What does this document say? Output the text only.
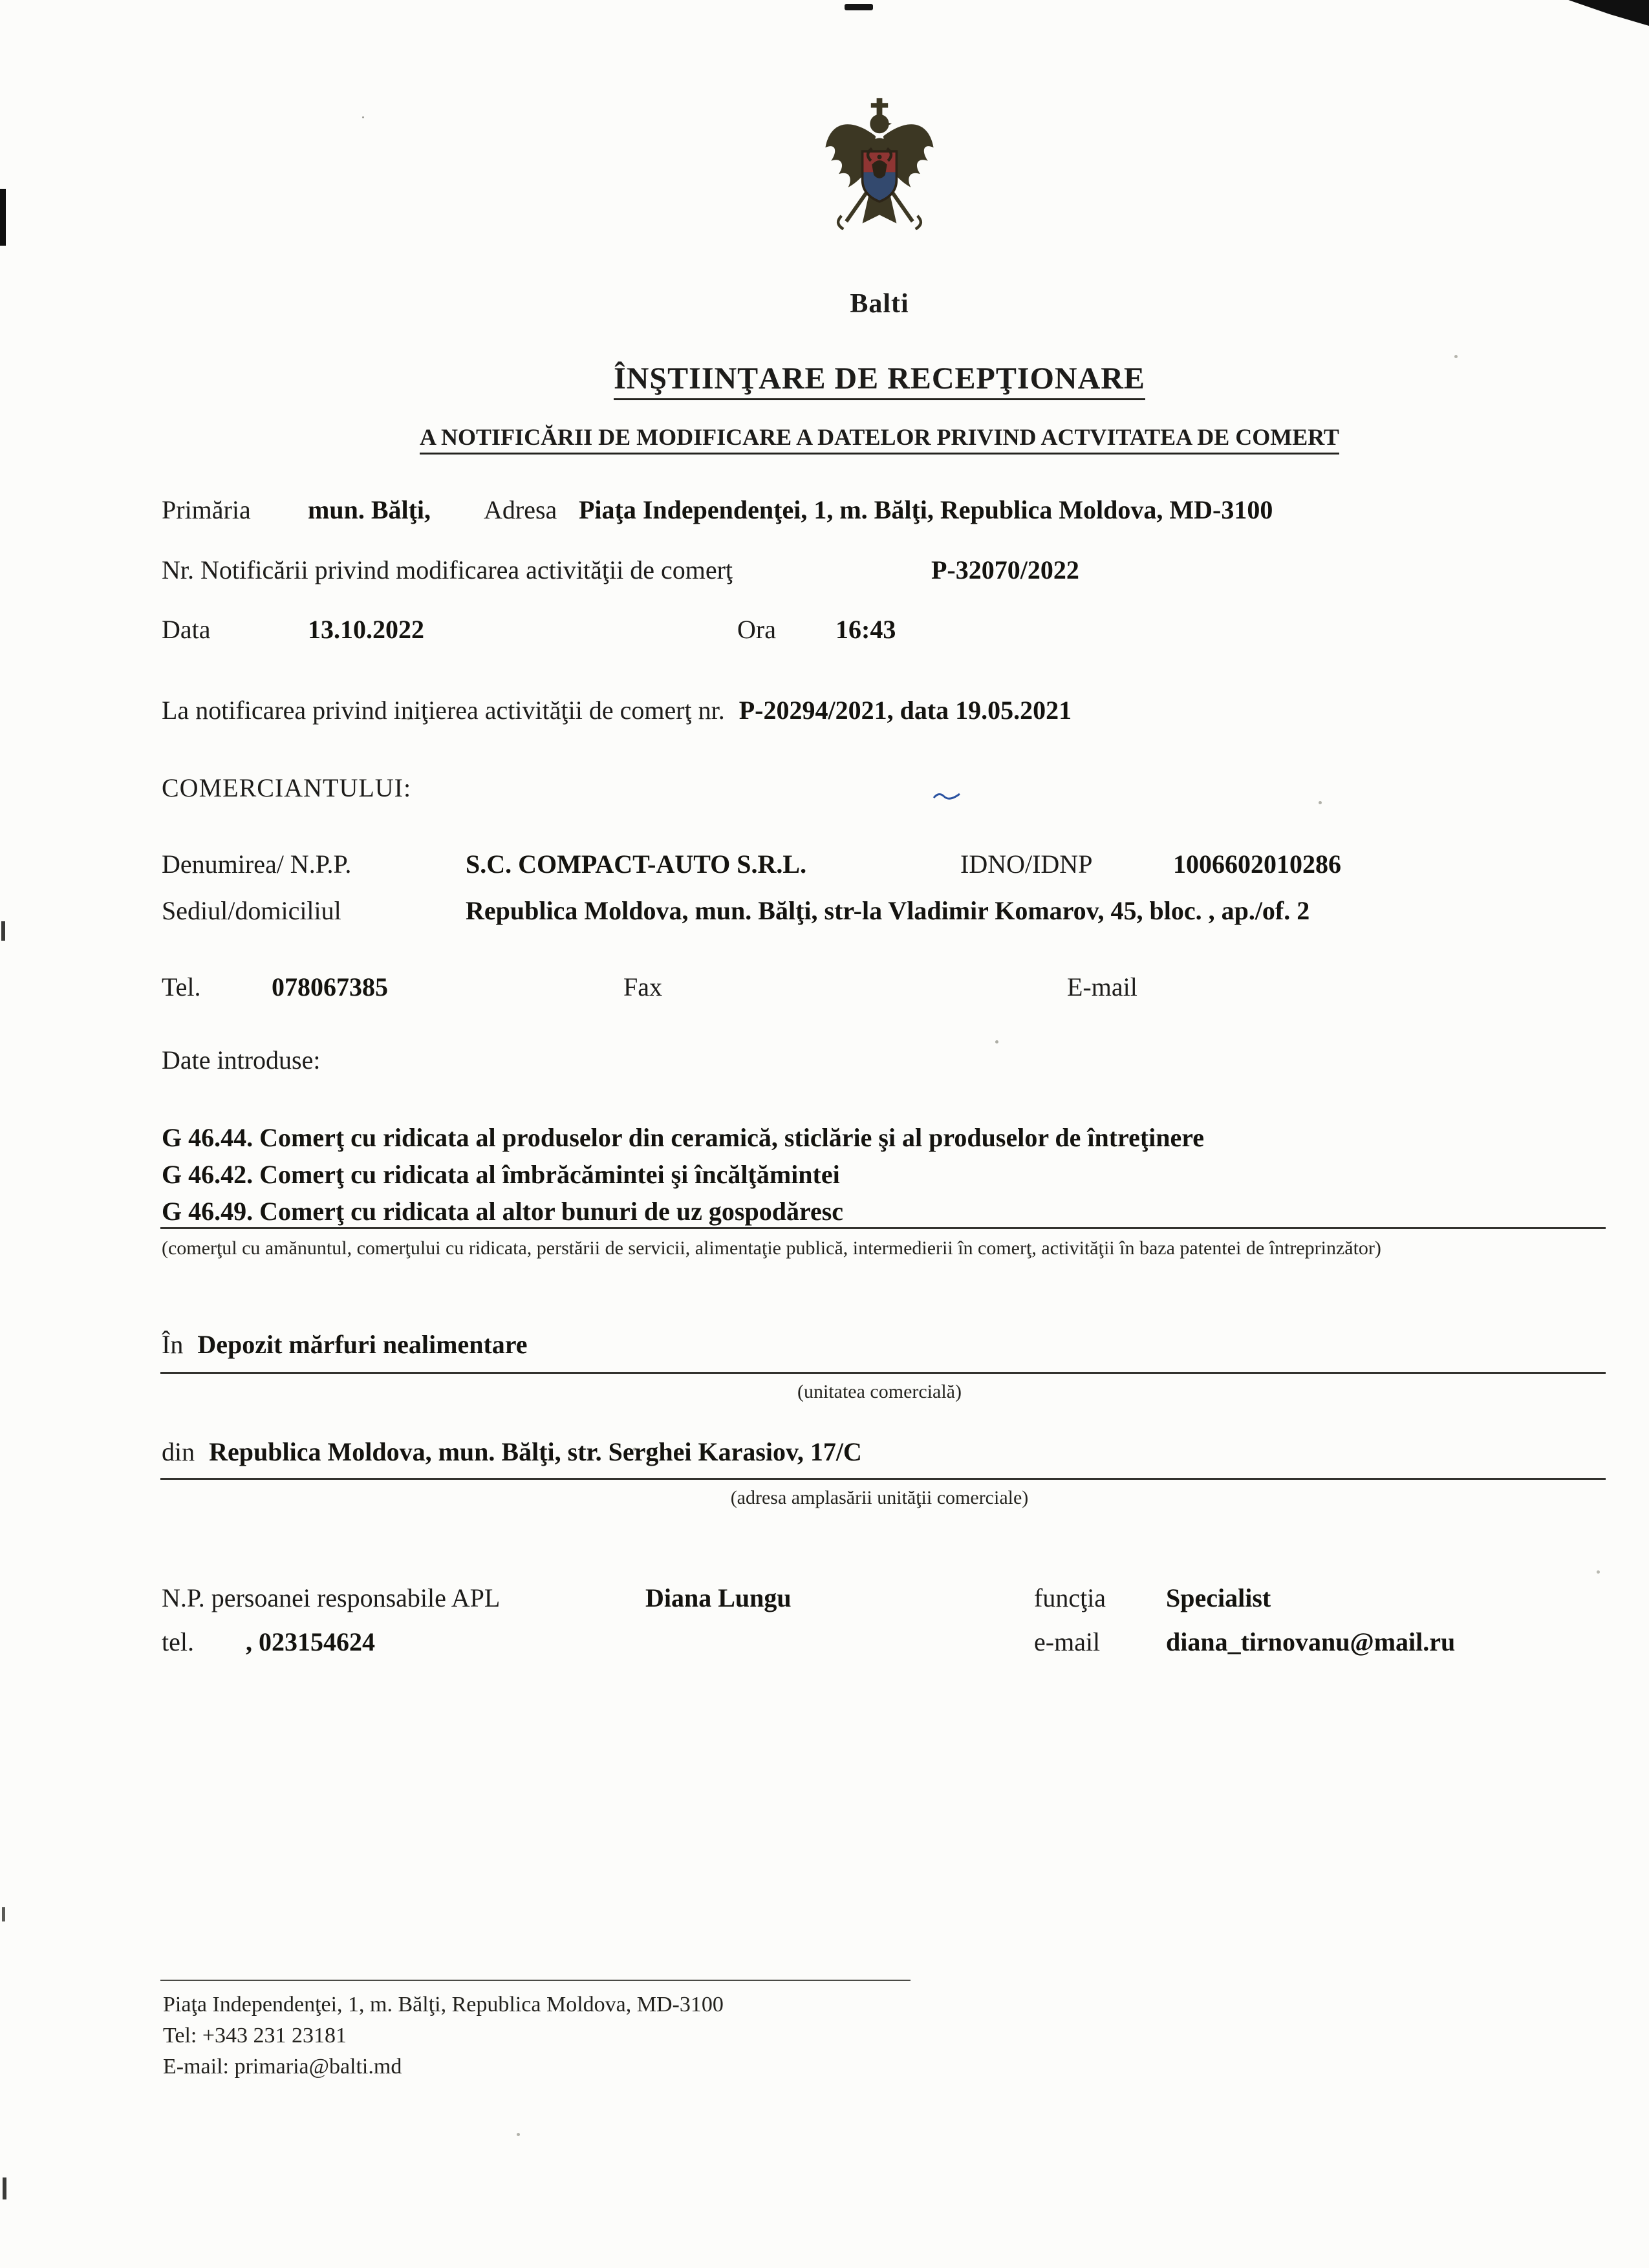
Balti
ÎNŞTIINŢARE DE RECEPŢIONARE
A NOTIFICĂRII DE MODIFICARE A DATELOR PRIVIND ACTVITATEA DE COMERT
Primăria mun. Bălţi, Adresa Piaţa Independenţei, 1, m. Bălţi, Republica Moldova, MD-3100
Nr. Notificării privind modificarea activităţii de comerţ	P-32070/2022
Data	13.10.2022	Ora 16:43
La notificarea privind iniţierea activităţii de comerţ nr. P-20294/2021, data 19.05.2021
COMERCIANTULUI:
Denumirea/ N.P.P.	S.C. COMPACT-AUTO S.R.L.	IDNO/IDNP	1006602010286
Sediul/domiciliul	Republica Moldova, mun. Bălţi, str-la Vladimir Komarov, 45, bloc. , ap./of. 2
Tel.	078067385	Fax	E-mail
Date introduse:
G 46.44. Comerţ cu ridicata al produselor din ceramică, sticlărie şi al produselor de întreţinere
G 46.42. Comerţ cu ridicata al îmbrăcămintei şi încălţămintei
G 46.49. Comerţ cu ridicata al altor bunuri de uz gospodăresc
(comerţul cu amănuntul, comerţului cu ridicata, perstării de servicii, alimentaţie publică, intermedierii în comerţ, activităţii în baza patentei de întreprinzător)
În Depozit mărfuri nealimentare
(unitatea comercială)
din Republica Moldova, mun. Bălţi, str. Serghei Karasiov, 17/C
(adresa amplasării unităţii comerciale)
N.P. persoanei responsabile APL	Diana Lungu	funcţia Specialist
tel. , 023154624	e-mail	diana_tirnovanu@mail.ru
Piaţa Independenţei, 1, m. Bălţi, Republica Moldova, MD-3100
Tel: +343 231 23181
E-mail: primaria@balti.md
